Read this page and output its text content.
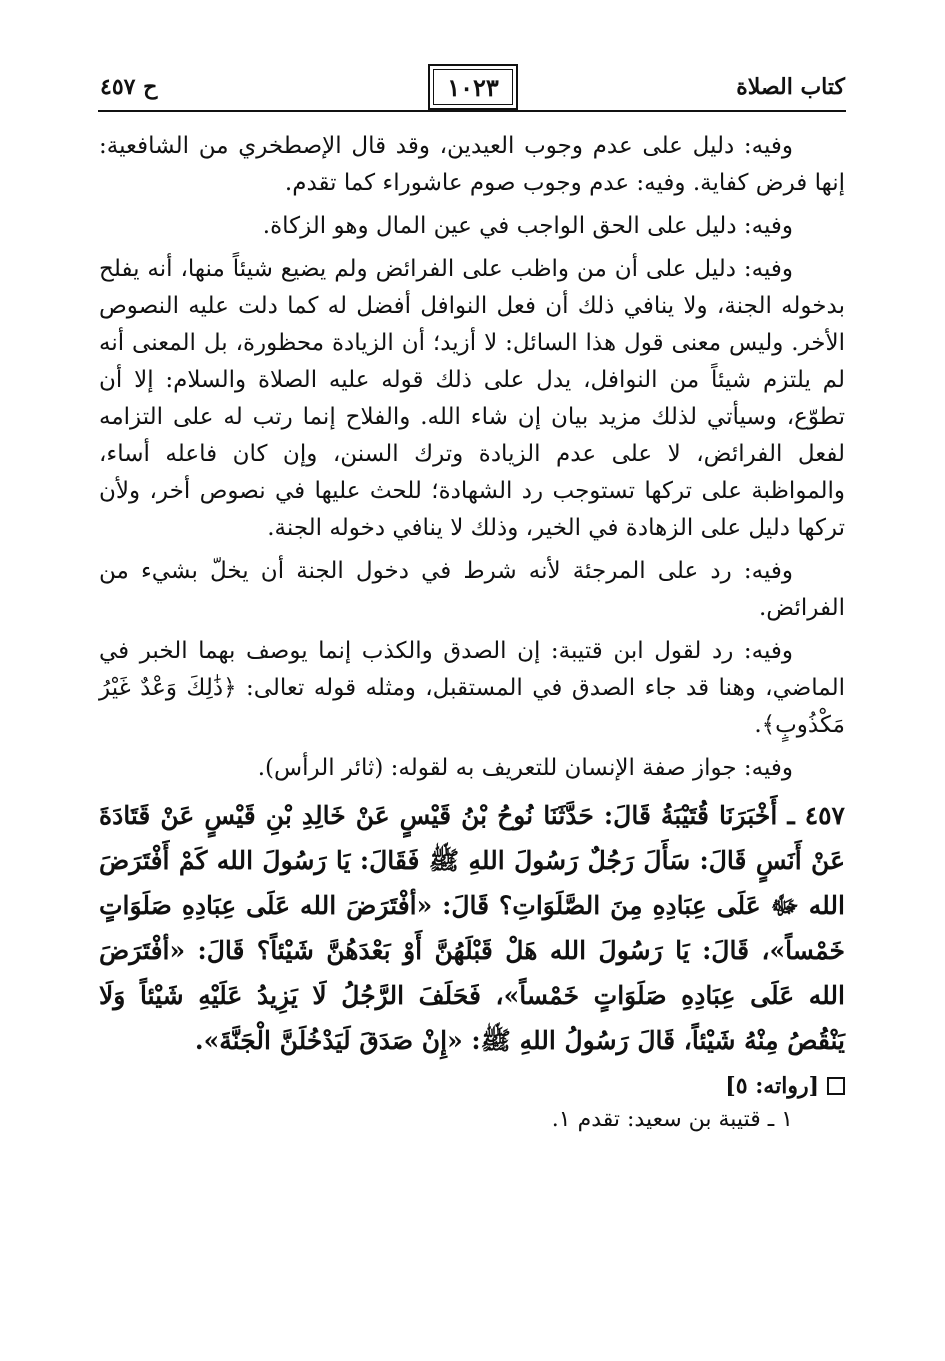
كتاب الصلاة
١٠٢٣
ح ٤٥٧

وفيه: دليل على عدم وجوب العيدين، وقد قال الإصطخري من الشافعية: إنها فرض كفاية. وفيه: عدم وجوب صوم عاشوراء كما تقدم.

وفيه: دليل على الحق الواجب في عين المال وهو الزكاة.

وفيه: دليل على أن من واظب على الفرائض ولم يضيع شيئاً منها، أنه يفلح بدخوله الجنة، ولا ينافي ذلك أن فعل النوافل أفضل له كما دلت عليه النصوص الأخر. وليس معنى قول هذا السائل: لا أزيد؛ أن الزيادة محظورة، بل المعنى أنه لم يلتزم شيئاً من النوافل، يدل على ذلك قوله عليه الصلاة والسلام: إلا أن تطوّع، وسيأتي لذلك مزيد بيان إن شاء الله. والفلاح إنما رتب له على التزامه لفعل الفرائض، لا على عدم الزيادة وترك السنن، وإن كان فاعله أساء، والمواظبة على تركها تستوجب رد الشهادة؛ للحث عليها في نصوص أخر، ولأن تركها دليل على الزهادة في الخير، وذلك لا ينافي دخوله الجنة.

وفيه: رد على المرجئة لأنه شرط في دخول الجنة أن يخلّ بشيء من الفرائض.

وفيه: رد لقول ابن قتيبة: إن الصدق والكذب إنما يوصف بهما الخبر في الماضي، وهنا قد جاء الصدق في المستقبل، ومثله قوله تعالى: ﴿ذَٰلِكَ وَعْدٌ غَيْرُ مَكْذُوبٍ﴾.

وفيه: جواز صفة الإنسان للتعريف به لقوله: (ثائر الرأس).

٤٥٧ ـ أَخْبَرَنَا قُتَيْبَةُ قَالَ: حَدَّثَنَا نُوحُ بْنُ قَيْسٍ عَنْ خَالِدِ بْنِ قَيْسٍ عَنْ قَتَادَةَ عَنْ أَنَسٍ قَالَ: سَأَلَ رَجُلٌ رَسُولَ اللهِ ﷺ فَقَالَ: يَا رَسُولَ الله كَمْ أَفْتَرَضَ الله ﷻ عَلَى عِبَادِهِ مِنَ الصَّلَوَاتِ؟ قَالَ: «أفْتَرَضَ الله عَلَى عِبَادِهِ صَلَوَاتٍ خَمْساً»، قَالَ: يَا رَسُولَ الله هَلْ قَبْلَهُنَّ أَوْ بَعْدَهُنَّ شَيْئاً؟ قَالَ: «أفْتَرَضَ الله عَلَى عِبَادِهِ صَلَوَاتٍ خَمْساً»، فَحَلَفَ الرَّجُلُ لَا يَزِيدُ عَلَيْهِ شَيْئاً وَلَا يَنْقُصُ مِنْهُ شَيْئاً، قَالَ رَسُولُ اللهِ ﷺ: «إِنْ صَدَقَ لَيَدْخُلَنَّ الْجَنَّةَ».

[رواته: ٥]
١ ـ قتيبة بن سعيد: تقدم ١.
